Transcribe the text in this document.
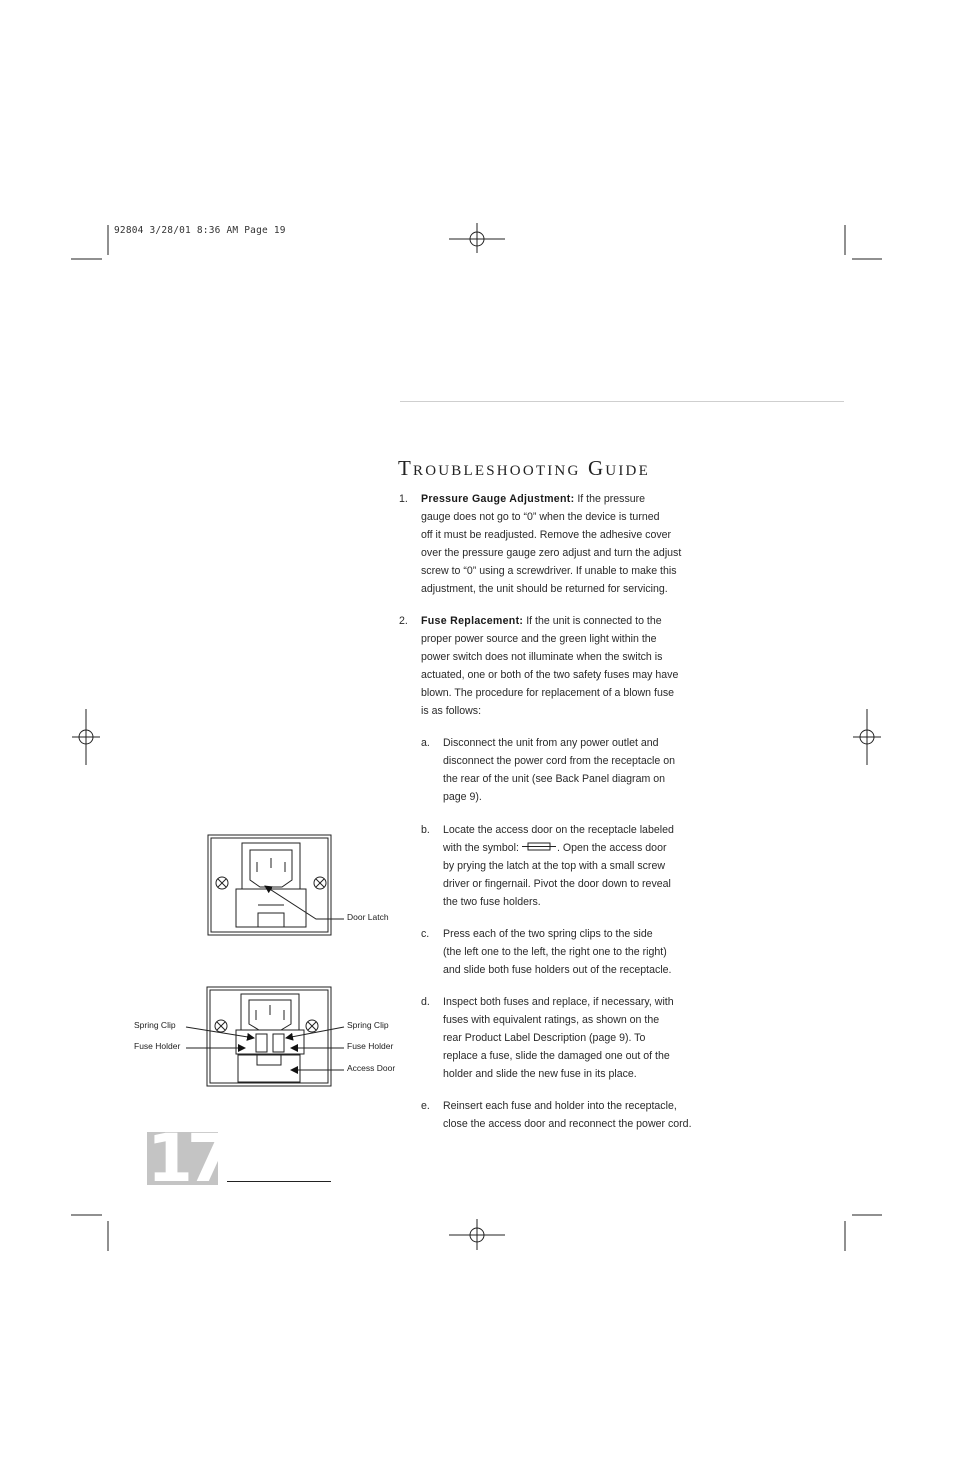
92804 3/28/01 8:36 AM Page 19
Troubleshooting Guide
1.	Pressure Gauge Adjustment: If the pressure
gauge does not go to “0” when the device is turned
off it must be readjusted. Remove the adhesive cover
over the pressure gauge zero adjust and turn the adjust
screw to “0” using a screwdriver. If unable to make this
adjustment, the unit should be returned for servicing.
2.	Fuse Replacement: If the unit is connected to the
proper power source and the green light within the
power switch does not illuminate when the switch is
actuated, one or both of the two safety fuses may have
blown. The procedure for replacement of a blown fuse
is as follows:
a. Disconnect the unit from any power outlet and
disconnect the power cord from the receptacle on
the rear of the unit (see Back Panel diagram on
page 9).
b. Locate the access door on the receptacle labeled
with the symbol:	. Open the access door
by prying the latch at the top with a small screw
driver or fingernail. Pivot the door down to reveal
the two fuse holders.
c. Press each of the two spring clips to the side
(the left one to the left, the right one to the right)
and slide both fuse holders out of the receptacle.
d. Inspect both fuses and replace, if necessary, with
fuses with equivalent ratings, as shown on the
rear Product Label Description (page 9). To
replace a fuse, slide the damaged one out of the
holder and slide the new fuse in its place.
e. Reinsert each fuse and holder into the receptacle,
close the access door and reconnect the power cord.
Door Latch
Spring Clip
Fuse Holder
Spring Clip
Fuse Holder
Access Door
17
